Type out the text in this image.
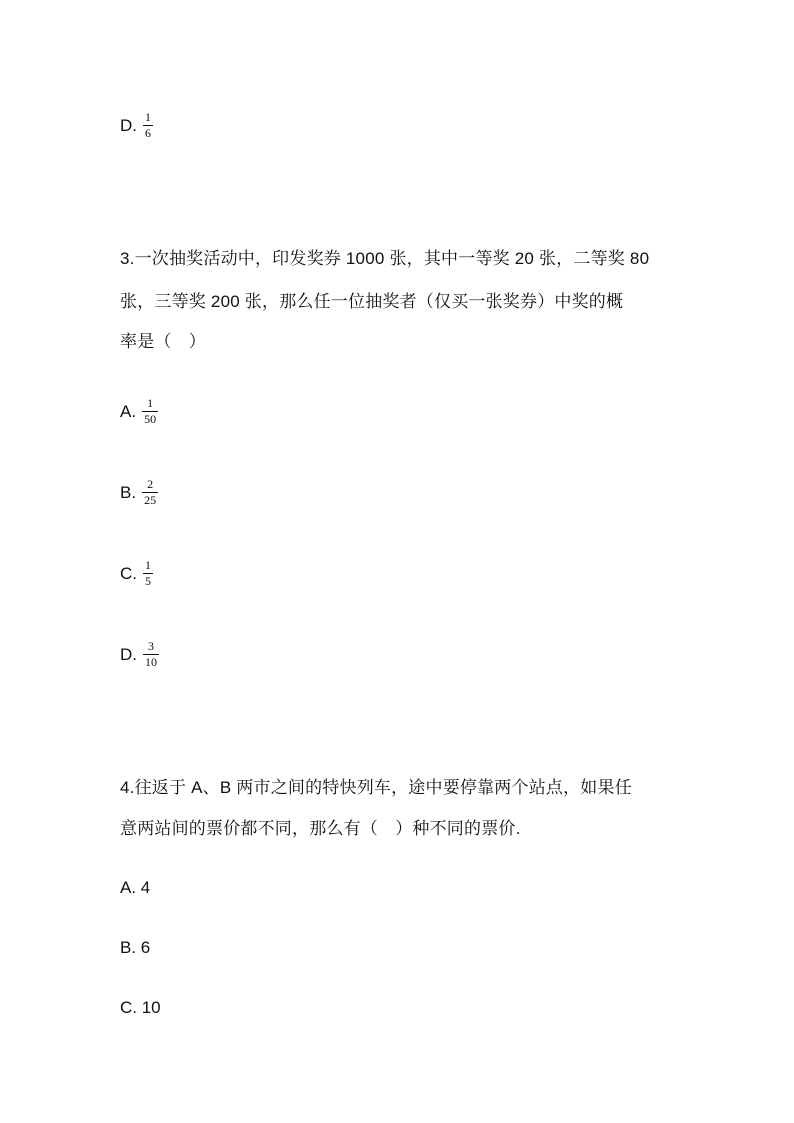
D. $\frac{1}{6}$
3.一次抽奖活动中，印发奖券 1000 张，其中一等奖 20 张，二等奖 80
张，三等奖 200 张，那么任一位抽奖者（仅买一张奖券）中奖的概
率是（　）
A. $\frac{1}{50}$
B. $\frac{2}{25}$
C. $\frac{1}{5}$
D. $\frac{3}{10}$
4.往返于 A、B 两市之间的特快列车，途中要停靠两个站点，如果任
意两站间的票价都不同，那么有（　）种不同的票价.
A. 4
B. 6
C. 10
